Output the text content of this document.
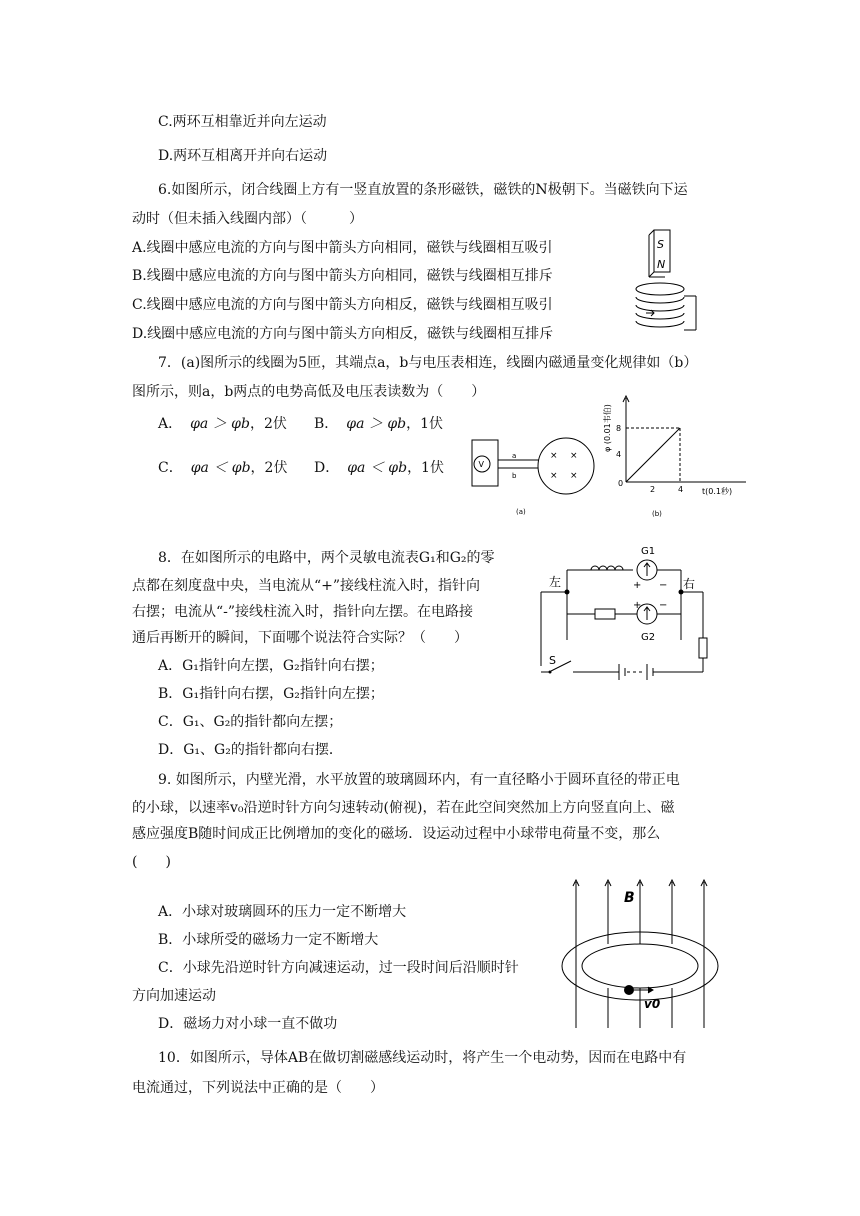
C.两环互相靠近并向左运动
D.两环互相离开并向右运动
6.如图所示，闭合线圈上方有一竖直放置的条形磁铁，磁铁的N极朝下。当磁铁向下运
动时（但未插入线圈内部）（　　　）
A.线圈中感应电流的方向与图中箭头方向相同，磁铁与线圈相互吸引
B.线圈中感应电流的方向与图中箭头方向相同，磁铁与线圈相互排斥
C.线圈中感应电流的方向与图中箭头方向相反，磁铁与线圈相互吸引
D.线圈中感应电流的方向与图中箭头方向相反，磁铁与线圈相互排斥
S
N
7．(a)图所示的线圈为5匝，其端点a，b与电压表相连，线圈内磁通量变化规律如（b）
图所示，则a，b两点的电势高低及电压表读数为（　　）
A． φa ＞ φb，2伏 B． φa ＞ φb，1伏
C． φa ＜ φb，2伏 D． φa ＜ φb，1伏	V
a
b
× ×
× ×
(a)
φ (0.01韦伯)
t(0.1秒)
8
4
2	4
0
(b)
8．在如图所示的电路中，两个灵敏电流表G₁和G₂的零
点都在刻度盘中央，当电流从“+”接线柱流入时，指针向
右摆；电流从“-”接线柱流入时，指针向左摆。在电路接
通后再断开的瞬间，下面哪个说法符合实际？（　　）
A．G₁指针向左摆，G₂指针向右摆；
B．G₁指针向右摆，G₂指针向左摆；
C．G₁、G₂的指针都向左摆；
D．G₁、G₂的指针都向右摆．
G1
+ −
左	右
+ −
G2
S
9. 如图所示，内壁光滑，水平放置的玻璃圆环内，有一直径略小于圆环直径的带正电
的小球，以速率v₀沿逆时针方向匀速转动(俯视)，若在此空间突然加上方向竖直向上、磁
感应强度B随时间成正比例增加的变化的磁场．设运动过程中小球带电荷量不变，那么
(　　)
A．小球对玻璃圆环的压力一定不断增大
B．小球所受的磁场力一定不断增大
C．小球先沿逆时针方向减速运动，过一段时间后沿顺时针
方向加速运动
D．磁场力对小球一直不做功
B
v0
10．如图所示，导体AB在做切割磁感线运动时，将产生一个电动势，因而在电路中有
电流通过，下列说法中正确的是（　　）
